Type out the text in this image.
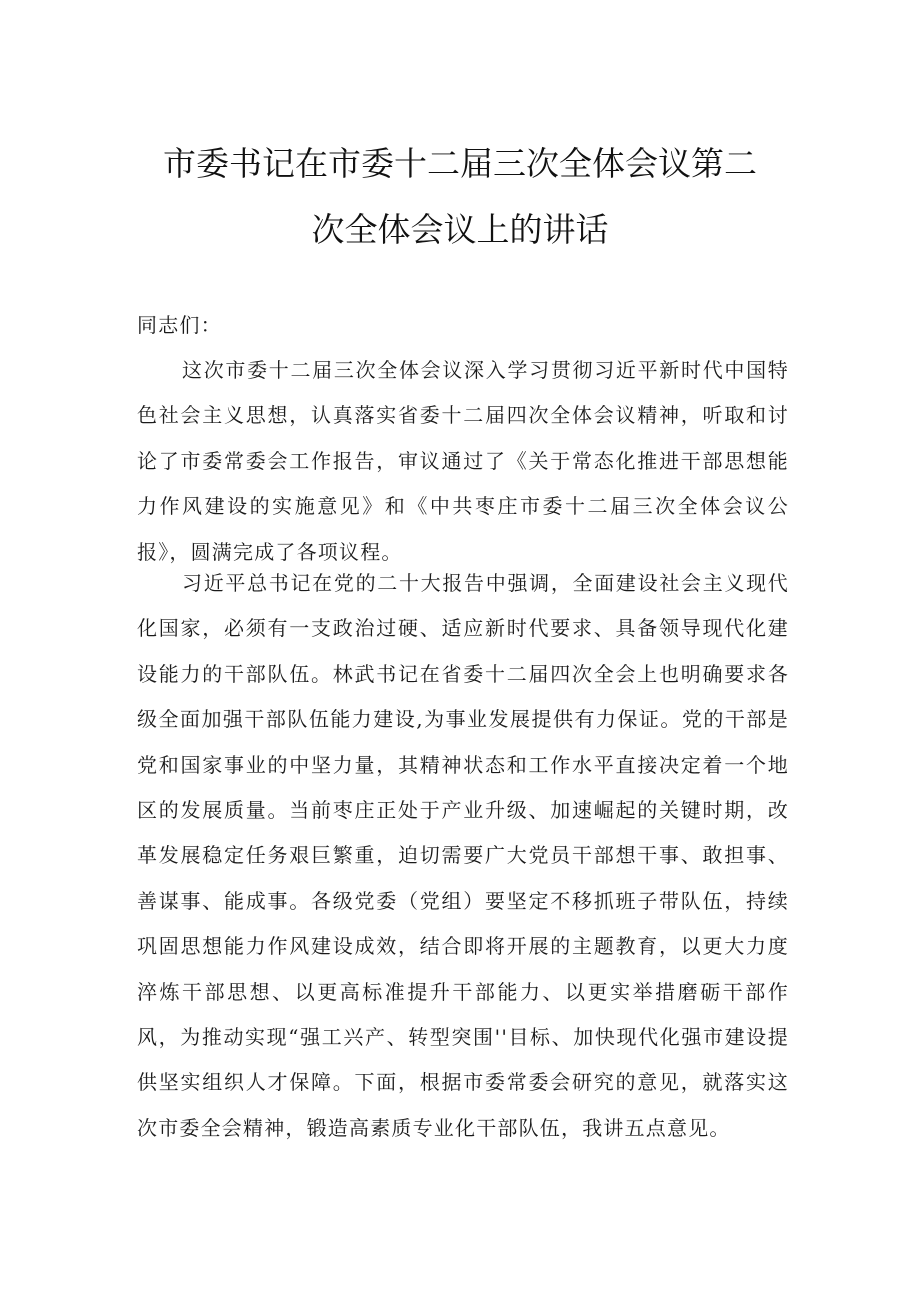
市委书记在市委十二届三次全体会议第二
次全体会议上的讲话

同志们：

这次市委十二届三次全体会议深入学习贯彻习近平新时代中国特色社会主义思想，认真落实省委十二届四次全体会议精神，听取和讨论了市委常委会工作报告，审议通过了《关于常态化推进干部思想能力作风建设的实施意见》和《中共枣庄市委十二届三次全体会议公报》，圆满完成了各项议程。

习近平总书记在党的二十大报告中强调，全面建设社会主义现代化国家，必须有一支政治过硬、适应新时代要求、具备领导现代化建设能力的干部队伍。林武书记在省委十二届四次全会上也明确要求各级全面加强干部队伍能力建设,为事业发展提供有力保证。党的干部是党和国家事业的中坚力量，其精神状态和工作水平直接决定着一个地区的发展质量。当前枣庄正处于产业升级、加速崛起的关键时期，改革发展稳定任务艰巨繁重，迫切需要广大党员干部想干事、敢担事、善谋事、能成事。各级党委（党组）要坚定不移抓班子带队伍，持续巩固思想能力作风建设成效，结合即将开展的主题教育，以更大力度淬炼干部思想、以更高标准提升干部能力、以更实举措磨砺干部作风，为推动实现“强工兴产、转型突围''目标、加快现代化强市建设提供坚实组织人才保障。下面，根据市委常委会研究的意见，就落实这次市委全会精神，锻造高素质专业化干部队伍，我讲五点意见。
